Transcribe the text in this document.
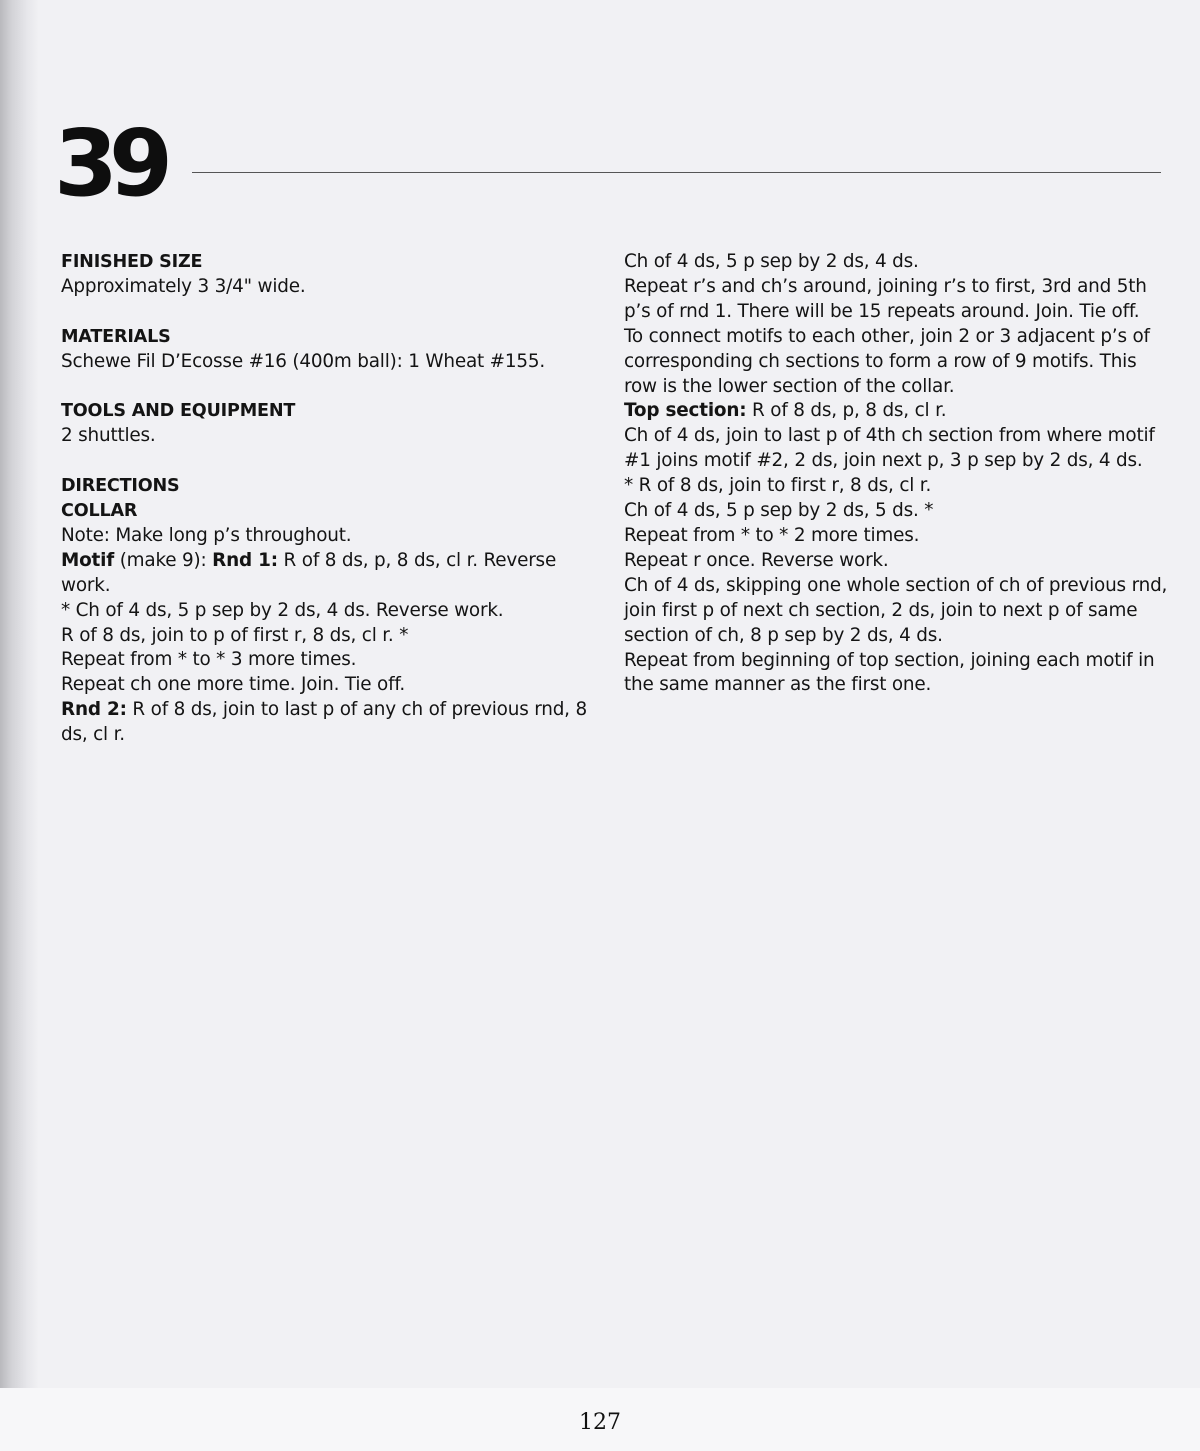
39

FINISHED SIZE

Approximately 3 3/4" wide.

MATERIALS

Schewe Fil D’Ecosse #16 (400m ball): 1 Wheat #155.

TOOLS AND EQUIPMENT

2 shuttles.

DIRECTIONS

COLLAR

Note: Make long p’s throughout.

Motif (make 9): Rnd 1: R of 8 ds, p, 8 ds, cl r. Reverse work.

* Ch of 4 ds, 5 p sep by 2 ds, 4 ds. Reverse work.

R of 8 ds, join to p of first r, 8 ds, cl r. *

Repeat from * to * 3 more times.

Repeat ch one more time. Join. Tie off.

Rnd 2: R of 8 ds, join to last p of any ch of previous rnd, 8 ds, cl r.

Ch of 4 ds, 5 p sep by 2 ds, 4 ds.

Repeat r’s and ch’s around, joining r’s to first, 3rd and 5th p’s of rnd 1. There will be 15 repeats around. Join. Tie off.

To connect motifs to each other, join 2 or 3 adjacent p’s of corresponding ch sections to form a row of 9 motifs. This row is the lower section of the collar.

Top section: R of 8 ds, p, 8 ds, cl r.

Ch of 4 ds, join to last p of 4th ch section from where motif #1 joins motif #2, 2 ds, join next p, 3 p sep by 2 ds, 4 ds.

* R of 8 ds, join to first r, 8 ds, cl r.

Ch of 4 ds, 5 p sep by 2 ds, 5 ds. *

Repeat from * to * 2 more times.

Repeat r once. Reverse work.

Ch of 4 ds, skipping one whole section of ch of previous rnd, join first p of next ch section, 2 ds, join to next p of same section of ch, 8 p sep by 2 ds, 4 ds.

Repeat from beginning of top section, joining each motif in the same manner as the first one.

127
